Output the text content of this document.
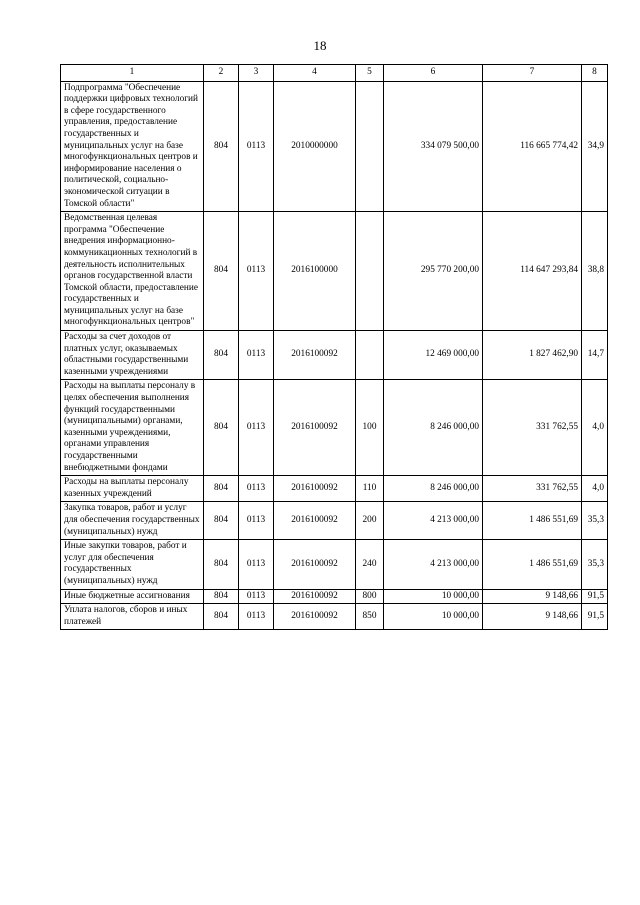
18
1	2	3	4	5	6	7	8
Подпрограмма "Обеспечение поддержки цифровых технологий в сфере государственного управления, предоставление государственных и муниципальных услуг на базе многофункциональных центров и информирование населения о политической, социально-экономической ситуации в Томской области"	804	0113	2010000000		334 079 500,00	116 665 774,42	34,9
Ведомственная целевая программа "Обеспечение внедрения информационно-коммуникационных технологий в деятельность исполнительных органов государственной власти Томской области, предоставление государственных и муниципальных услуг на базе многофункциональных центров"	804	0113	2016100000		295 770 200,00	114 647 293,84	38,8
Расходы за счет доходов от платных услуг, оказываемых областными государственными казенными учреждениями	804	0113	2016100092		12 469 000,00	1 827 462,90	14,7
Расходы на выплаты персоналу в целях обеспечения выполнения функций государственными (муниципальными) органами, казенными учреждениями, органами управления государственными внебюджетными фондами	804	0113	2016100092	100	8 246 000,00	331 762,55	4,0
Расходы на выплаты персоналу казенных учреждений	804	0113	2016100092	110	8 246 000,00	331 762,55	4,0
Закупка товаров, работ и услуг для обеспечения государственных (муниципальных) нужд	804	0113	2016100092	200	4 213 000,00	1 486 551,69	35,3
Иные закупки товаров, работ и услуг для обеспечения государственных (муниципальных) нужд	804	0113	2016100092	240	4 213 000,00	1 486 551,69	35,3
Иные бюджетные ассигнования	804	0113	2016100092	800	10 000,00	9 148,66	91,5
Уплата налогов, сборов и иных платежей	804	0113	2016100092	850	10 000,00	9 148,66	91,5
